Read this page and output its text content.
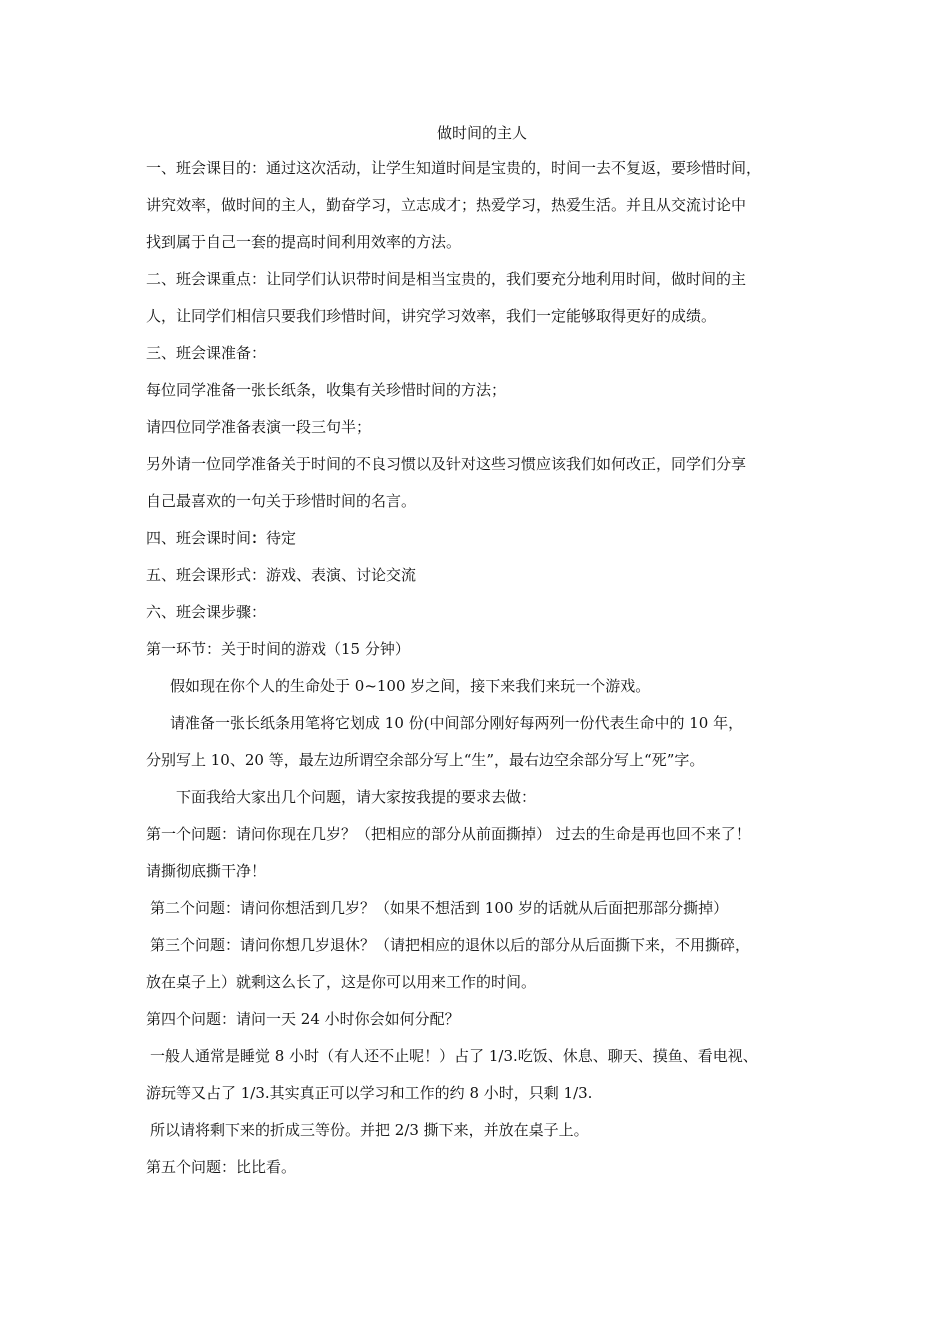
做时间的主人
一、班会课目的：通过这次活动，让学生知道时间是宝贵的，时间一去不复返，要珍惜时间，
讲究效率，做时间的主人，勤奋学习，立志成才；热爱学习，热爱生活。并且从交流讨论中
找到属于自己一套的提高时间利用效率的方法。
二、班会课重点：让同学们认识带时间是相当宝贵的，我们要充分地利用时间，做时间的主
人，让同学们相信只要我们珍惜时间，讲究学习效率，我们一定能够取得更好的成绩。
三、班会课准备：
每位同学准备一张长纸条，收集有关珍惜时间的方法；
请四位同学准备表演一段三句半；
另外请一位同学准备关于时间的不良习惯以及针对这些习惯应该我们如何改正，同学们分享
自己最喜欢的一句关于珍惜时间的名言。
四、班会课时间：待定
五、班会课形式：游戏、表演、讨论交流
六、班会课步骤：
第一环节：关于时间的游戏（15 分钟）
假如现在你个人的生命处于 0~100 岁之间，接下来我们来玩一个游戏。
请准备一张长纸条用笔将它划成 10 份(中间部分刚好每两列一份代表生命中的 10 年，
分别写上 10、20 等，最左边所谓空余部分写上“生”，最右边空余部分写上“死”字。
下面我给大家出几个问题，请大家按我提的要求去做：
第一个问题：请问你现在几岁？（把相应的部分从前面撕掉） 过去的生命是再也回不来了！
请撕彻底撕干净！
第二个问题：请问你想活到几岁？（如果不想活到 100 岁的话就从后面把那部分撕掉）
第三个问题：请问你想几岁退休？（请把相应的退休以后的部分从后面撕下来，不用撕碎，
放在桌子上）就剩这么长了，这是你可以用来工作的时间。
第四个问题：请问一天 24 小时你会如何分配？
一般人通常是睡觉 8 小时（有人还不止呢！）占了 1/3.吃饭、休息、聊天、摸鱼、看电视、
游玩等又占了 1/3.其实真正可以学习和工作的约 8 小时，只剩 1/3.
所以请将剩下来的折成三等份。并把 2/3 撕下来，并放在桌子上。
第五个问题：比比看。
